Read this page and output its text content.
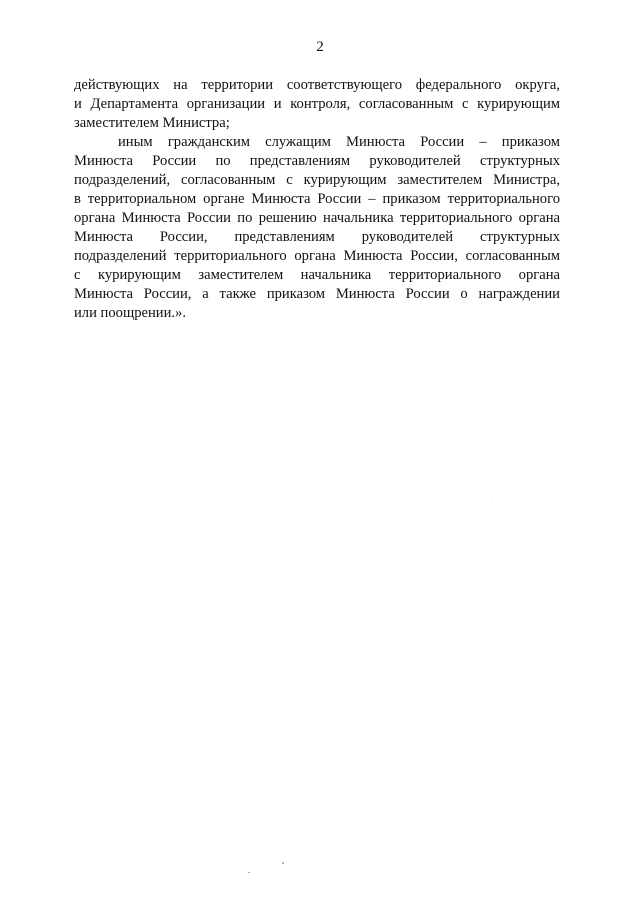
2
действующих на территории соответствующего федерального округа,
и Департамента организации и контроля, согласованным с курирующим
заместителем Министра;
иным гражданским служащим Минюста России – приказом
Минюста России по представлениям руководителей структурных
подразделений, согласованным с курирующим заместителем Министра,
в территориальном органе Минюста России – приказом территориального
органа Минюста России по решению начальника территориального органа
Минюста России, представлениям руководителей структурных
подразделений территориального органа Минюста России, согласованным
с курирующим заместителем начальника территориального органа
Минюста России, а также приказом Минюста России о награждении
или поощрении.».
